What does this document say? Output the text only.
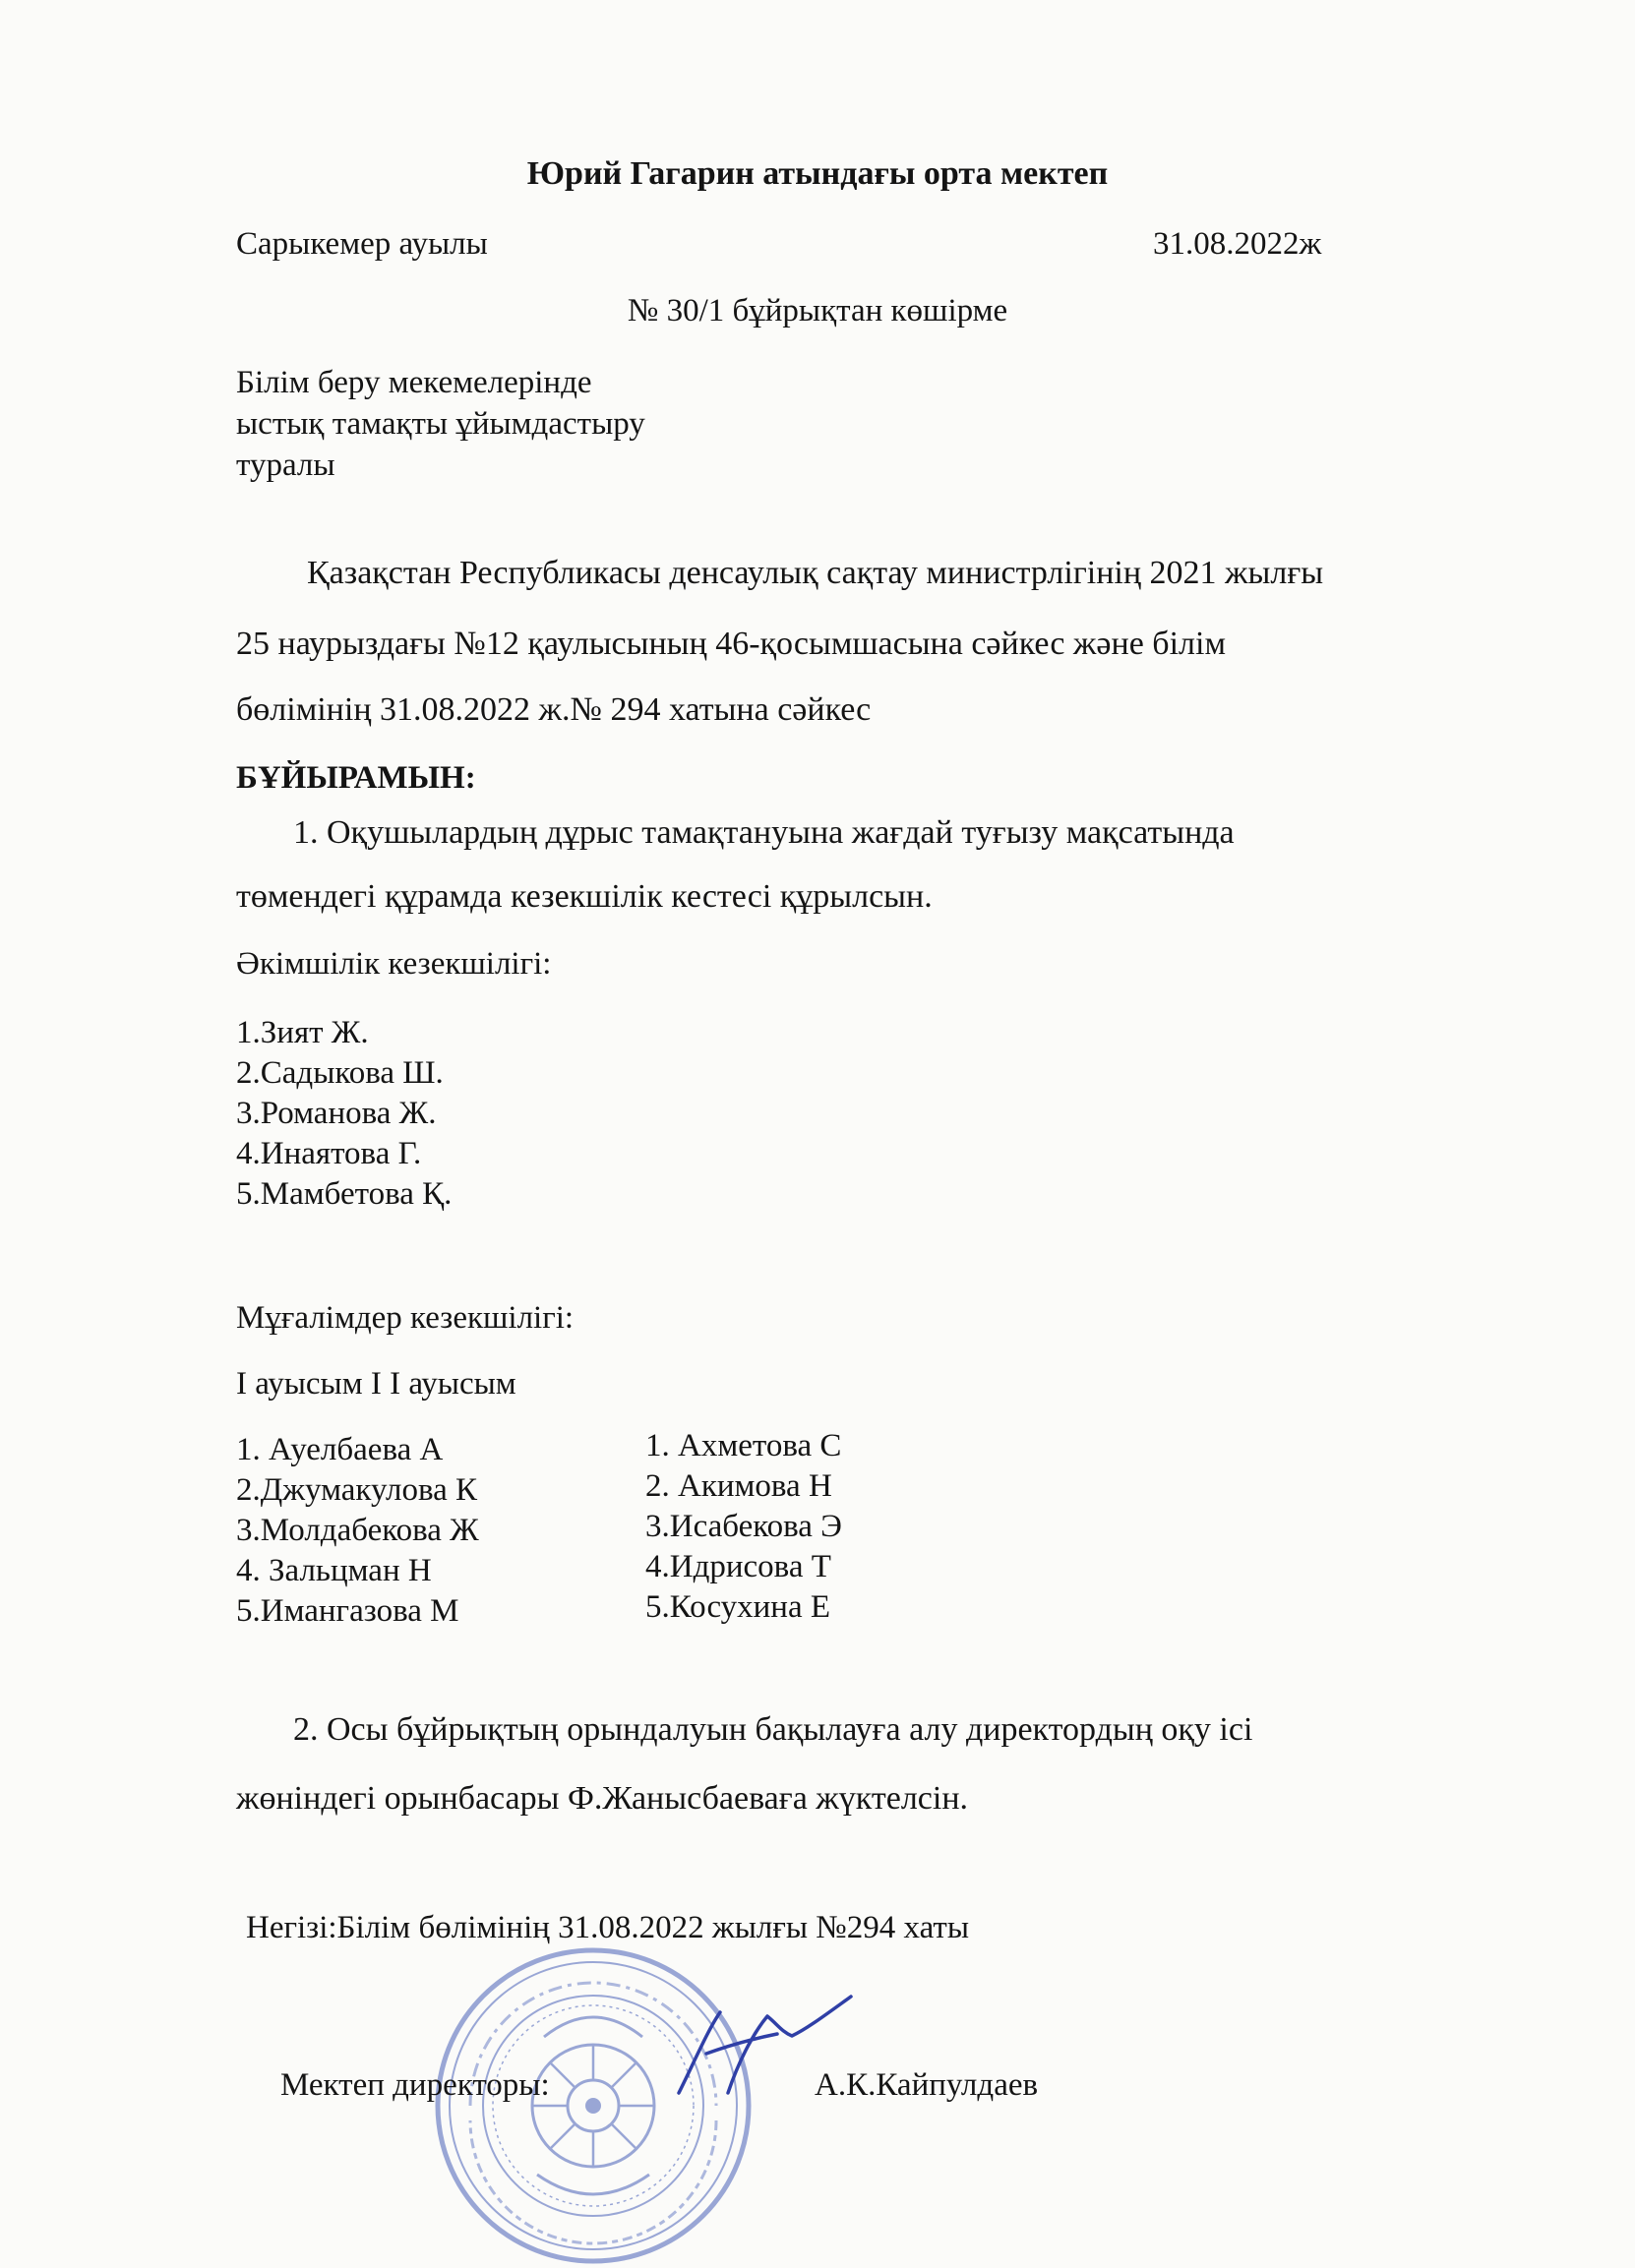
Юрий Гагарин атындағы орта мектеп
Сарыкемер ауылы	31.08.2022ж
№ 30/1 бұйрықтан көшірме
Білім беру мекемелерінде
ыстық тамақты ұйымдастыру
туралы
Қазақстан Республикасы денсаулық сақтау министрлігінің 2021 жылғы
25 наурыздағы №12 қаулысының 46-қосымшасына сәйкес және білім
бөлімінің 31.08.2022 ж.№ 294 хатына сәйкес
БҰЙЫРАМЫН:
1. Оқушылардың дұрыс тамақтануына жағдай туғызу мақсатында
төмендегі құрамда кезекшілік кестесі құрылсын.
Әкімшілік кезекшілігі:
1.Зият Ж.
2.Садыкова Ш.
3.Романова Ж.
4.Инаятова Г.
5.Мамбетова Қ.
Мұғалімдер кезекшілігі:
I ауысым I I ауысым
1. Ауелбаева А
2.Джумакулова К
3.Молдабекова Ж
4. Зальцман Н
5.Имангазова М
1. Ахметова С
2. Акимова Н
3.Исабекова Э
4.Идрисова Т
5.Косухина Е
2. Осы бұйрықтың орындалуын бақылауға алу директордың оқу ісі
жөніндегі орынбасары Ф.Жанысбаеваға жүктелсін.
Негізі:Білім бөлімінің 31.08.2022 жылғы №294 хаты
Мектеп директоры:	А.К.Кайпулдаев
